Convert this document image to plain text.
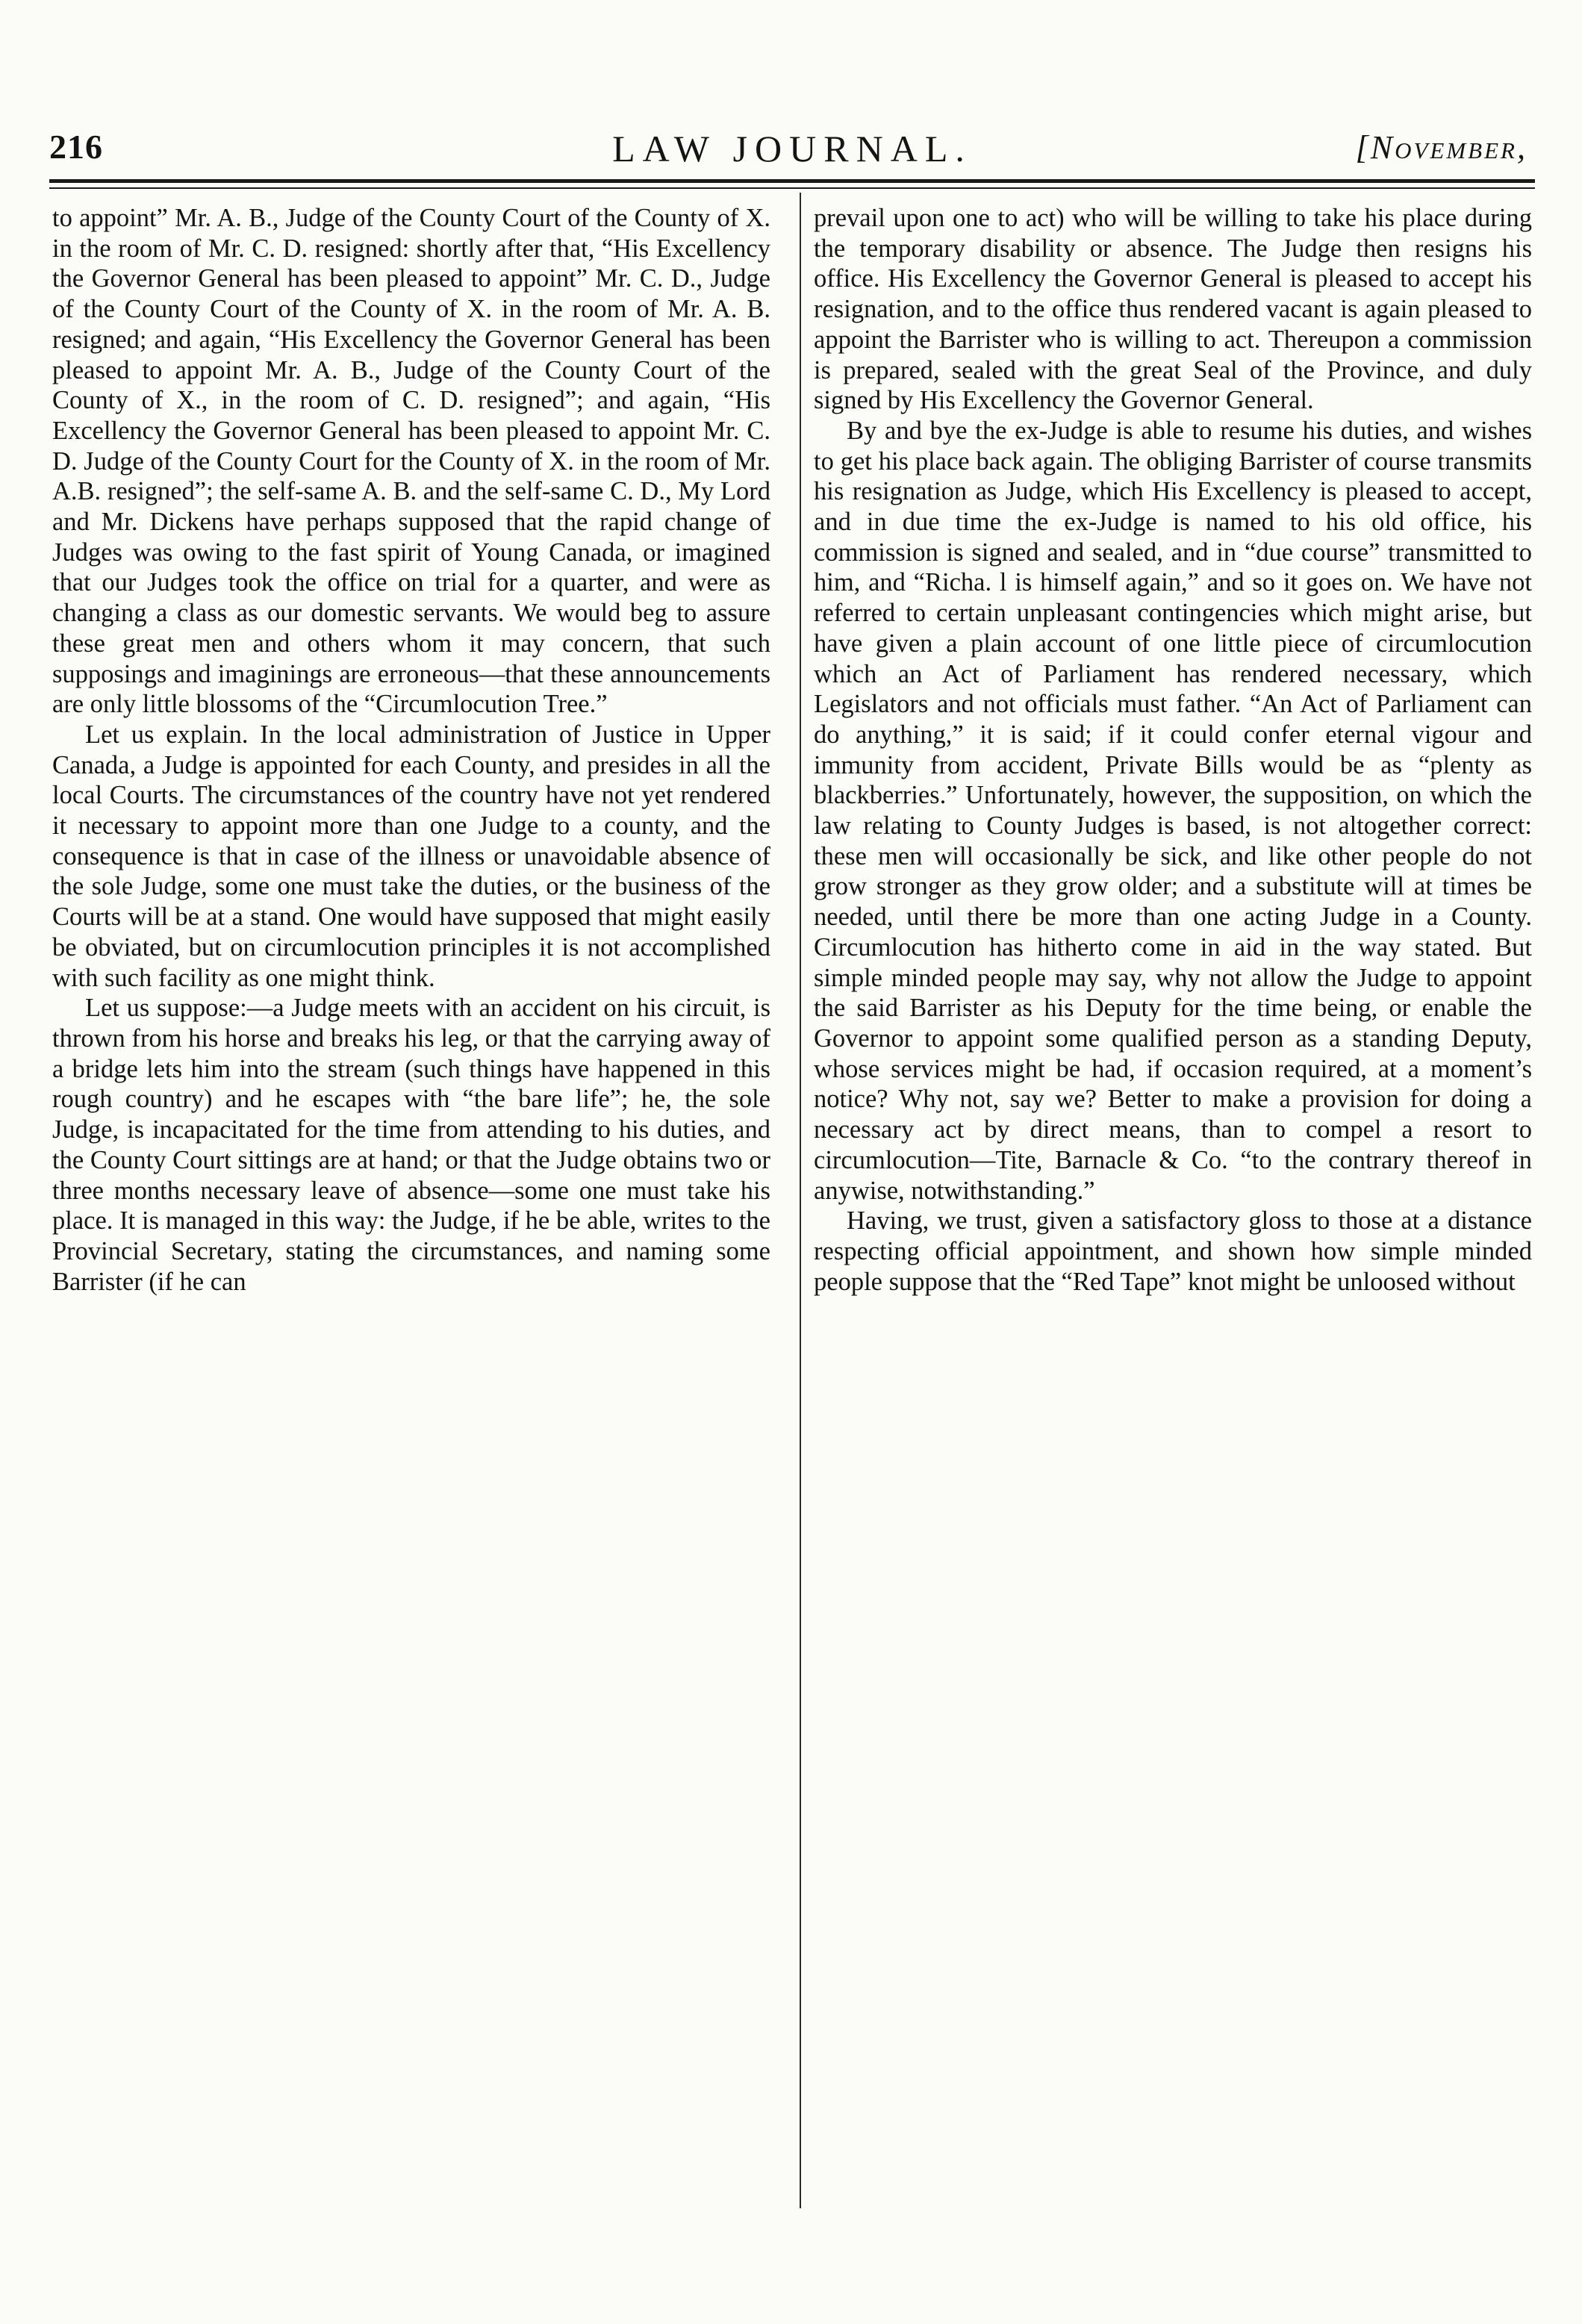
216	LAW JOURNAL.	[November,

to appoint” Mr. A. B., Judge of the County Court of the County of X. in the room of Mr. C. D. resigned: shortly after that, “His Excellency the Governor General has been pleased to appoint” Mr. C. D., Judge of the County Court of the County of X. in the room of Mr. A. B. resigned; and again, “His Excellency the Governor General has been pleased to appoint Mr. A. B., Judge of the County Court of the County of X., in the room of C. D. resigned”; and again, “His Excellency the Governor General has been pleased to appoint Mr. C. D. Judge of the County Court for the County of X. in the room of Mr. A.B. resigned”; the self-same A. B. and the self-same C. D., My Lord and Mr. Dickens have perhaps supposed that the rapid change of Judges was owing to the fast spirit of Young Canada, or imagined that our Judges took the office on trial for a quarter, and were as changing a class as our domestic servants. We would beg to assure these great men and others whom it may concern, that such supposings and imaginings are erroneous—that these announcements are only little blossoms of the “Circumlocution Tree.”

Let us explain. In the local administration of Justice in Upper Canada, a Judge is appointed for each County, and presides in all the local Courts. The circumstances of the country have not yet rendered it necessary to appoint more than one Judge to a county, and the consequence is that in case of the illness or unavoidable absence of the sole Judge, some one must take the duties, or the business of the Courts will be at a stand. One would have supposed that might easily be obviated, but on circumlocution principles it is not accomplished with such facility as one might think.

Let us suppose:—a Judge meets with an accident on his circuit, is thrown from his horse and breaks his leg, or that the carrying away of a bridge lets him into the stream (such things have happened in this rough country) and he escapes with “the bare life”; he, the sole Judge, is incapacitated for the time from attending to his duties, and the County Court sittings are at hand; or that the Judge obtains two or three months necessary leave of absence—some one must take his place. It is managed in this way: the Judge, if he be able, writes to the Provincial Secretary, stating the circumstances, and naming some Barrister (if he can

prevail upon one to act) who will be willing to take his place during the temporary disability or absence. The Judge then resigns his office. His Excellency the Governor General is pleased to accept his resignation, and to the office thus rendered vacant is again pleased to appoint the Barrister who is willing to act. Thereupon a commission is prepared, sealed with the great Seal of the Province, and duly signed by His Excellency the Governor General.

By and bye the ex-Judge is able to resume his duties, and wishes to get his place back again. The obliging Barrister of course transmits his resignation as Judge, which His Excellency is pleased to accept, and in due time the ex-Judge is named to his old office, his commission is signed and sealed, and in “due course” transmitted to him, and “Richa. l is himself again,” and so it goes on. We have not referred to certain unpleasant contingencies which might arise, but have given a plain account of one little piece of circumlocution which an Act of Parliament has rendered necessary, which Legislators and not officials must father. “An Act of Parliament can do anything,” it is said; if it could confer eternal vigour and immunity from accident, Private Bills would be as “plenty as blackberries.” Unfortunately, however, the supposition, on which the law relating to County Judges is based, is not altogether correct: these men will occasionally be sick, and like other people do not grow stronger as they grow older; and a substitute will at times be needed, until there be more than one acting Judge in a County. Circumlocution has hitherto come in aid in the way stated. But simple minded people may say, why not allow the Judge to appoint the said Barrister as his Deputy for the time being, or enable the Governor to appoint some qualified person as a standing Deputy, whose services might be had, if occasion required, at a moment’s notice? Why not, say we? Better to make a provision for doing a necessary act by direct means, than to compel a resort to circumlocution—Tite, Barnacle & Co. “to the contrary thereof in anywise, notwithstanding.”

Having, we trust, given a satisfactory gloss to those at a distance respecting official appointment, and shown how simple minded people suppose that the “Red Tape” knot might be unloosed without
